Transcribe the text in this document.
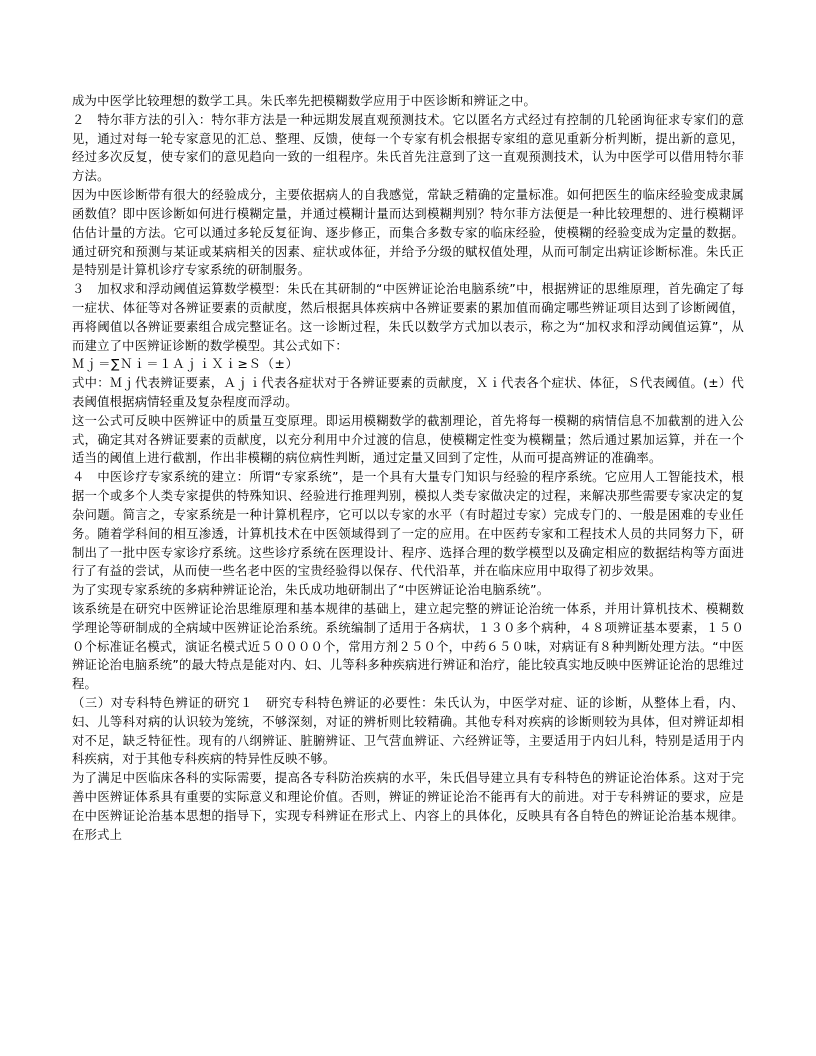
成为中医学比较理想的数学工具。朱氏率先把模糊数学应用于中医诊断和辨证之中。

２　特尔菲方法的引入：特尔菲方法是一种远期发展直观预测技术。它以匿名方式经过有控制的几轮函询征求专家们的意见，通过对每一轮专家意见的汇总、整理、反馈，使每一个专家有机会根据专家组的意见重新分析判断，提出新的意见，经过多次反复，使专家们的意见趋向一致的一组程序。朱氏首先注意到了这一直观预测技术，认为中医学可以借用特尔菲方法。

因为中医诊断带有很大的经验成分，主要依据病人的自我感觉，常缺乏精确的定量标准。如何把医生的临床经验变成隶属函数值？即中医诊断如何进行模糊定量，并通过模糊计量而达到模糊判别？特尔菲方法便是一种比较理想的、进行模糊评估估计量的方法。它可以通过多轮反复征询、逐步修正，而集合多数专家的临床经验，使模糊的经验变成为定量的数据。通过研究和预测与某证或某病相关的因素、症状或体征，并给予分级的赋权值处理，从而可制定出病证诊断标准。朱氏正是特别是计算机诊疗专家系统的研制服务。

３　加权求和浮动阈值运算数学模型：朱氏在其研制的“中医辨证论治电脑系统”中，根据辨证的思维原理，首先确定了每一症状、体征等对各辨证要素的贡献度，然后根据具体疾病中各辨证要素的累加值而确定哪些辨证项目达到了诊断阈值，再将阈值以各辨证要素组合成完整证名。这一诊断过程，朱氏以数学方式加以表示，称之为“加权求和浮动阈值运算”，从而建立了中医辨证诊断的数学模型。其公式如下：

Ｍｊ＝∑Ｎｉ＝１ＡｊｉＸｉ≥Ｓ（±）

式中：Ｍｊ代表辨证要素，Ａｊｉ代表各症状对于各辨证要素的贡献度，Ｘｉ代表各个症状、体征，Ｓ代表阈值。(±）代表阈值根据病情轻重及复杂程度而浮动。

这一公式可反映中医辨证中的质量互变原理。即运用模糊数学的截割理论，首先将每一模糊的病情信息不加截割的进入公式，确定其对各辨证要素的贡献度，以充分利用中介过渡的信息，使模糊定性变为模糊量；然后通过累加运算，并在一个适当的阈值上进行截割，作出非模糊的病位病性判断，通过定量又回到了定性，从而可提高辨证的准确率。

４　中医诊疗专家系统的建立：所谓“专家系统”，是一个具有大量专门知识与经验的程序系统。它应用人工智能技术，根据一个或多个人类专家提供的特殊知识、经验进行推理判别，模拟人类专家做决定的过程，来解决那些需要专家决定的复杂问题。简言之，专家系统是一种计算机程序，它可以以专家的水平（有时超过专家）完成专门的、一般是困难的专业任务。随着学科间的相互渗透，计算机技术在中医领域得到了一定的应用。在中医药专家和工程技术人员的共同努力下，研制出了一批中医专家诊疗系统。这些诊疗系统在医理设计、程序、选择合理的数学模型以及确定相应的数据结构等方面进行了有益的尝试，从而使一些名老中医的宝贵经验得以保存、代代沿革，并在临床应用中取得了初步效果。

为了实现专家系统的多病种辨证论治，朱氏成功地研制出了“中医辨证论治电脑系统”。

该系统是在研究中医辨证论治思维原理和基本规律的基础上，建立起完整的辨证论治统一体系，并用计算机技术、模糊数学理论等研制成的全病域中医辨证论治系统。系统编制了适用于各病状，１３０多个病种，４８项辨证基本要素，１５００个标准证名模式，演证名模式近５００００个，常用方剂２５０个，中药６５０味，对病证有８种判断处理方法。“中医辨证论治电脑系统”的最大特点是能对内、妇、儿等科多种疾病进行辨证和治疗，能比较真实地反映中医辨证论治的思维过程。

（三）对专科特色辨证的研究１　研究专科特色辨证的必要性：朱氏认为，中医学对症、证的诊断，从整体上看，内、妇、儿等科对病的认识较为笼统，不够深刻，对证的辨析则比较精确。其他专科对疾病的诊断则较为具体，但对辨证却相对不足，缺乏特征性。现有的八纲辨证、脏腑辨证、卫气营血辨证、六经辨证等，主要适用于内妇儿科，特别是适用于内科疾病，对于其他专科疾病的特异性反映不够。

为了满足中医临床各科的实际需要，提高各专科防治疾病的水平，朱氏倡导建立具有专科特色的辨证论治体系。这对于完善中医辨证体系具有重要的实际意义和理论价值。否则，辨证的辨证论治不能再有大的前进。对于专科辨证的要求，应是在中医辨证论治基本思想的指导下，实现专科辨证在形式上、内容上的具体化，反映具有各自特色的辨证论治基本规律。在形式上
